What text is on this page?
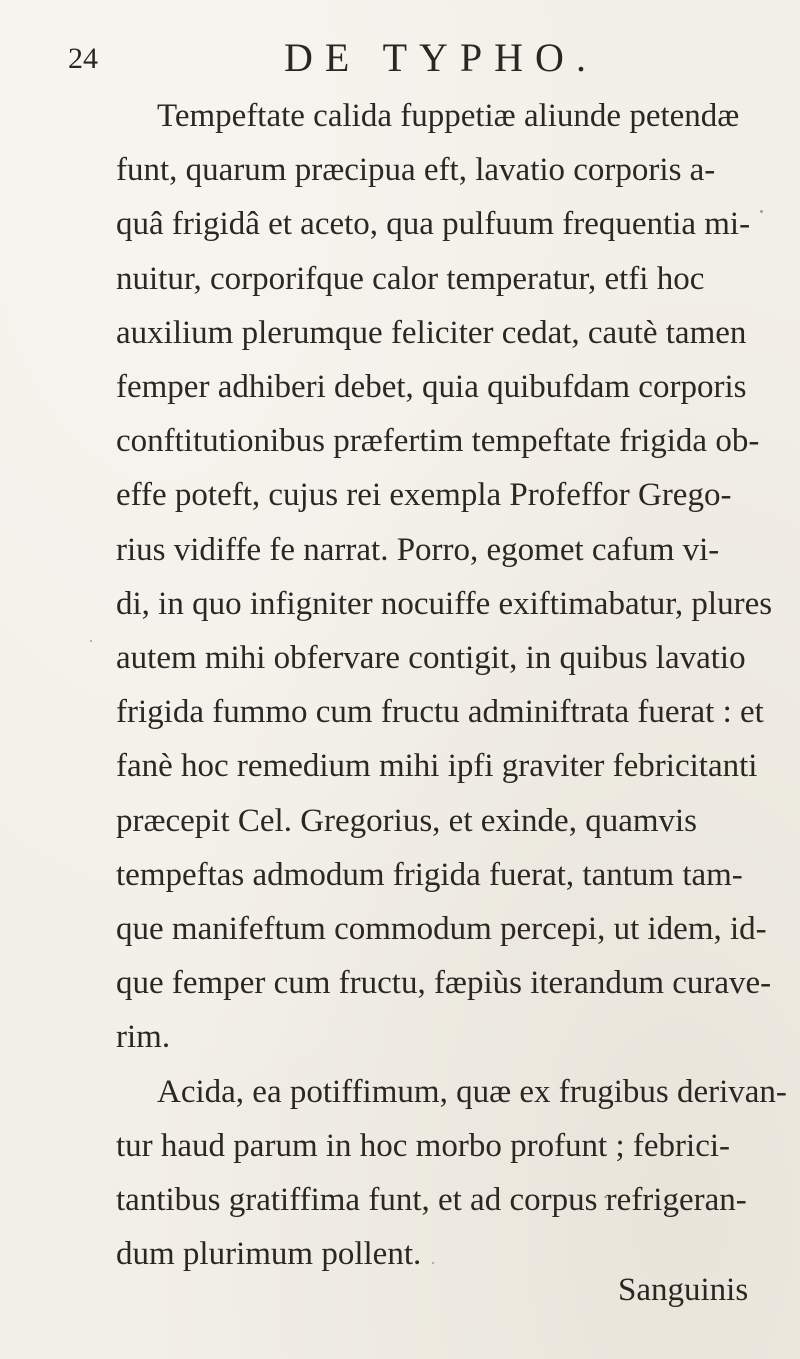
24	DE TYPHO.
Tempeftate calida fuppetiæ aliunde petendæ
funt, quarum præcipua eft, lavatio corporis a-
quâ frigidâ et aceto, qua pulfuum frequentia mi-
nuitur, corporifque calor temperatur, etfi hoc
auxilium plerumque feliciter cedat, cautè tamen
femper adhiberi debet, quia quibufdam corporis
conftitutionibus præfertim tempeftate frigida ob-
effe poteft, cujus rei exempla Profeffor Grego-
rius vidiffe fe narrat. Porro, egomet cafum vi-
di, in quo infigniter nocuiffe exiftimabatur, plures
autem mihi obfervare contigit, in quibus lavatio
frigida fummo cum fructu adminiftrata fuerat : et
fanè hoc remedium mihi ipfi graviter febricitanti
præcepit Cel. Gregorius, et exinde, quamvis
tempeftas admodum frigida fuerat, tantum tam-
que manifeftum commodum percepi, ut idem, id-
que femper cum fructu, fæpiùs iterandum curave-
rim.
Acida, ea potiffimum, quæ ex frugibus derivan-
tur haud parum in hoc morbo profunt ; febrici-
tantibus gratiffima funt, et ad corpus refrigeran-
dum plurimum pollent.
Sanguinis
